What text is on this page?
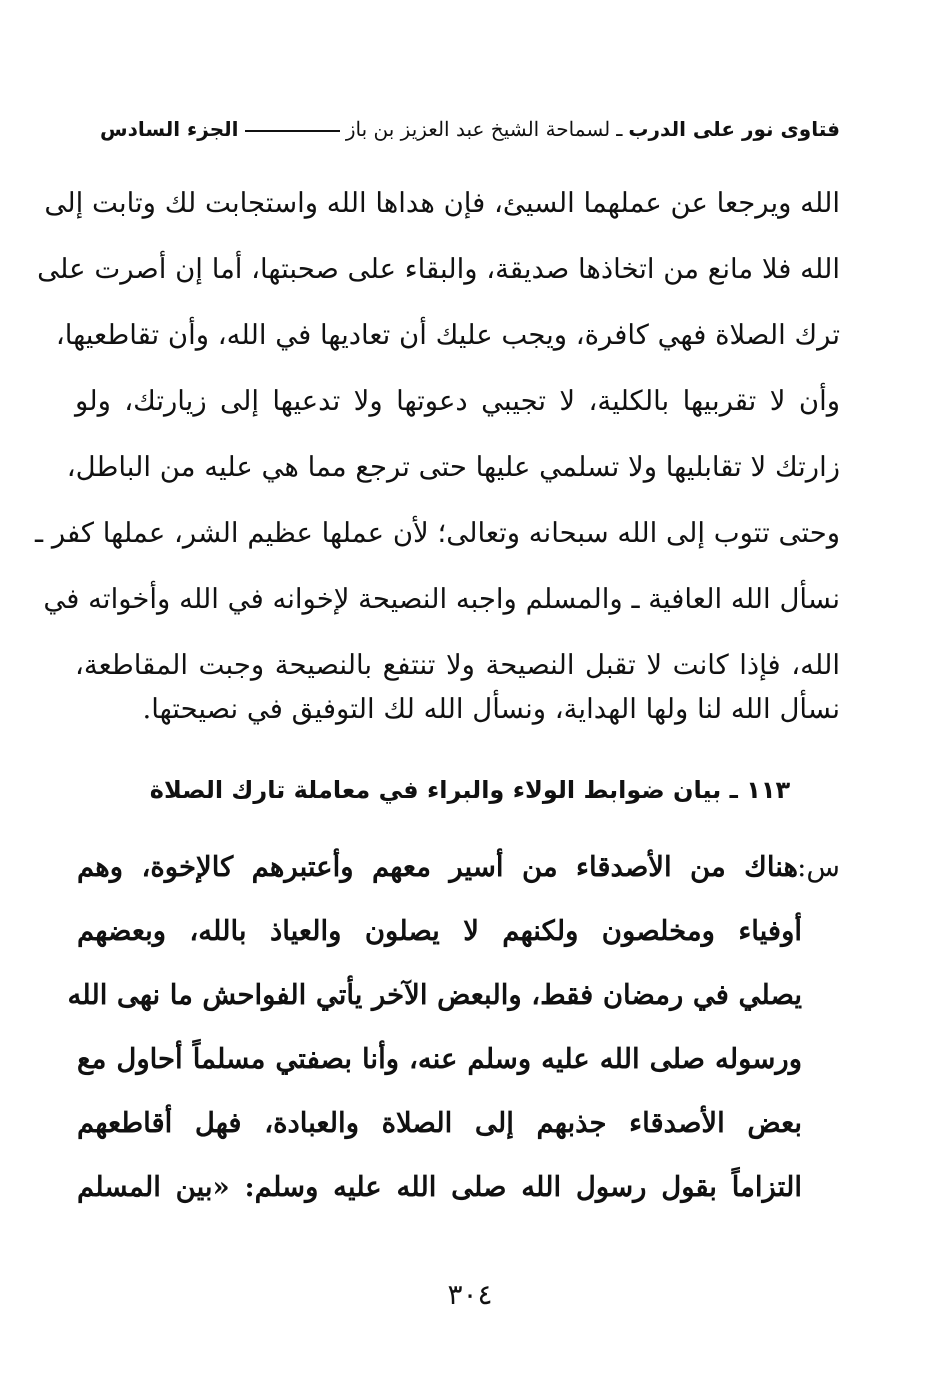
فتاوى نور على الدرب
ـ
لسماحة الشيخ عبد العزيز بن باز
الجزء السادس
الله ويرجعا عن عملهما السيئ، فإن هداها الله واستجابت لك وتابت إلى
الله فلا مانع من اتخاذها صديقة، والبقاء على صحبتها، أما إن أصرت على
ترك الصلاة فهي كافرة، ويجب عليك أن تعاديها في الله، وأن تقاطعيها،
وأن لا تقربيها بالكلية، لا تجيبي دعوتها ولا تدعيها إلى زيارتك، ولو
زارتك لا تقابليها ولا تسلمي عليها حتى ترجع مما هي عليه من الباطل،
وحتى تتوب إلى الله سبحانه وتعالى؛ لأن عملها عظيم الشر، عملها كفر ـ
نسأل الله العافية ـ والمسلم واجبه النصيحة لإخوانه في الله وأخواته في
الله، فإذا كانت لا تقبل النصيحة ولا تنتفع بالنصيحة وجبت المقاطعة،
نسأل الله لنا ولها الهداية، ونسأل الله لك التوفيق في نصيحتها.
١١٣ ـ بيان ضوابط الولاء والبراء في معاملة تارك الصلاة
س:
هناك من الأصدقاء من أسير معهم وأعتبرهم كالإخوة، وهم
أوفياء ومخلصون ولكنهم لا يصلون والعياذ بالله، وبعضهم
يصلي في رمضان فقط، والبعض الآخر يأتي الفواحش ما نهى الله
ورسوله صلى الله عليه وسلم عنه، وأنا بصفتي مسلماً أحاول مع
بعض الأصدقاء جذبهم إلى الصلاة والعبادة، فهل أقاطعهم
التزاماً بقول رسول الله صلى الله عليه وسلم: «بين المسلم
٣٠٤
